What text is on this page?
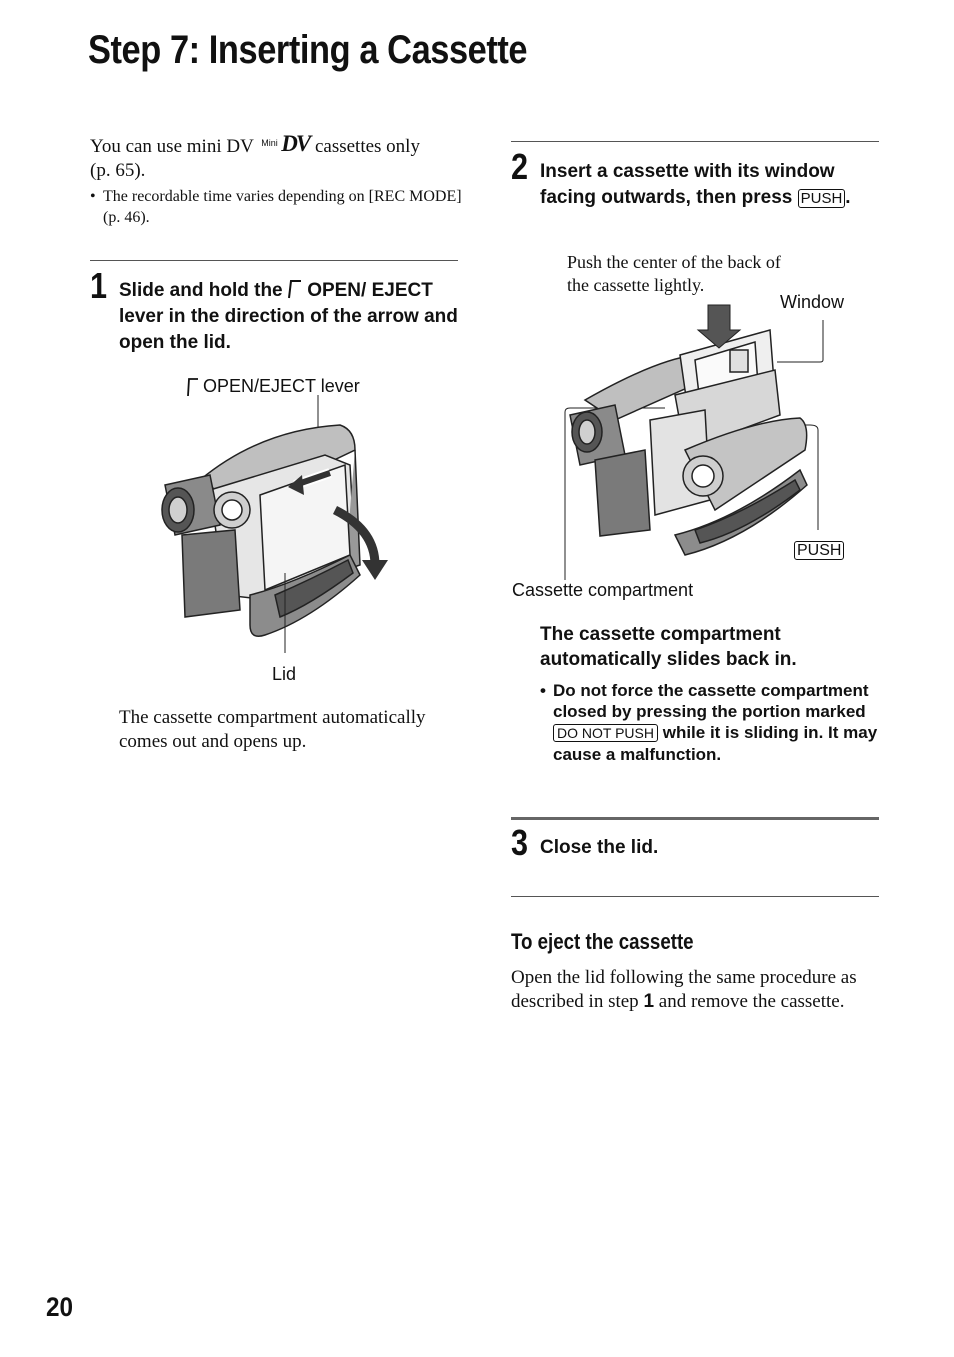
Step 7: Inserting a Cassette
You can use mini DV Mini DV cassettes only
(p. 65).
• The recordable time varies depending on [REC MODE] (p. 46).
1 Slide and hold the OPEN/ EJECT lever in the direction of the arrow and open the lid.
OPEN/EJECT lever
Lid
The cassette compartment automatically comes out and opens up.
2 Insert a cassette with its window facing outwards, then press PUSH .
Push the center of the back of the cassette lightly.
Window
PUSH
Cassette compartment
The cassette compartment automatically slides back in.
• Do not force the cassette compartment closed by pressing the portion marked DO NOT PUSH while it is sliding in. It may cause a malfunction.
3 Close the lid.
To eject the cassette
Open the lid following the same procedure as described in step 1 and remove the cassette.
20
